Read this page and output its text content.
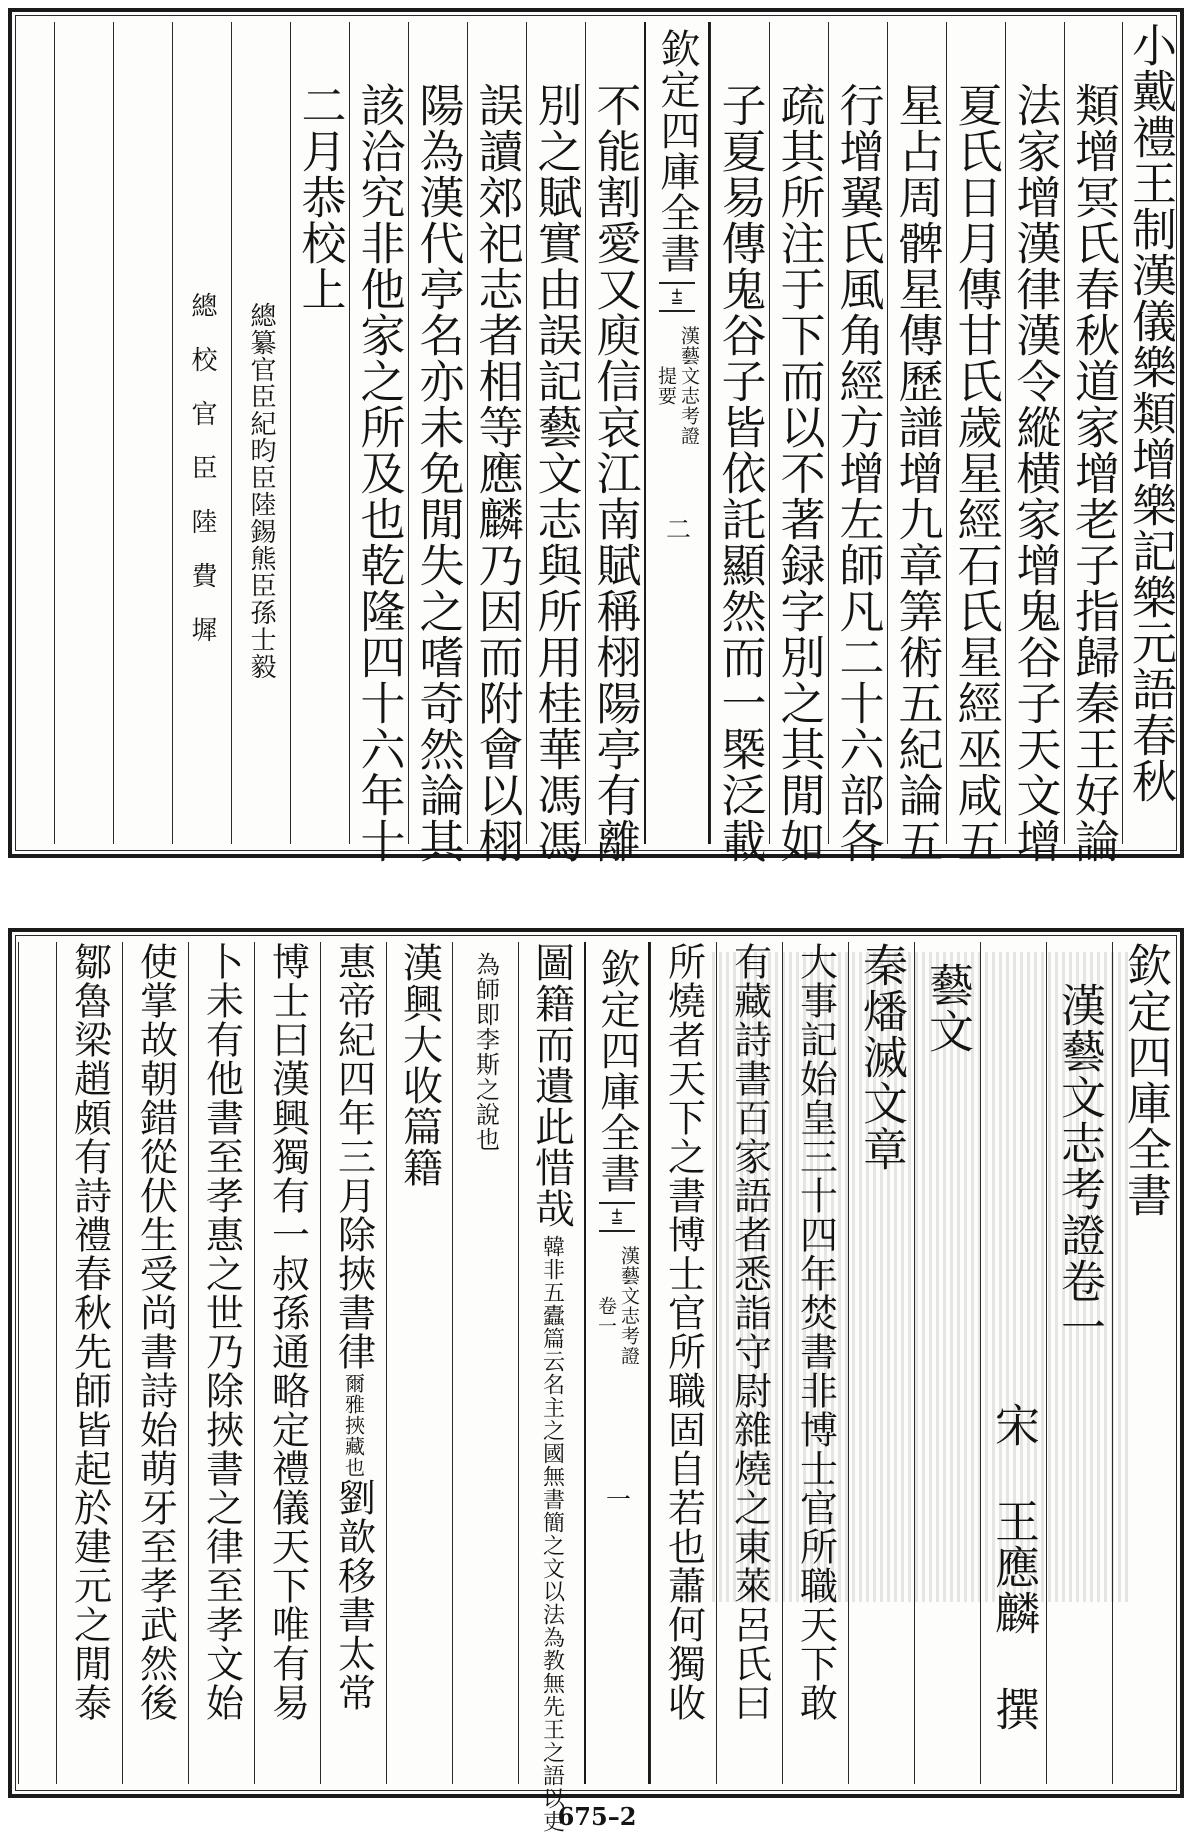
小戴禮王制漢儀樂類增樂記樂元語春秋
類增冥氏春秋道家增老子指歸秦王好論
法家增漢律漢令縱横家增鬼谷子天文增
夏氏日月傳甘氏歲星經石氏星經巫咸五
星占周髀星傳歷譜增九章筭術五紀論五
行增翼氏風角經方增左師凡二十六部各
疏其所注于下而以不著録字別之其閒如
子夏易傳鬼谷子皆依託顯然而一槩泛載
欽定四庫全書
⩲
漢藝文志考證
提要
二
不能割愛又庾信哀江南賦稱栩陽亭有離
別之賦實由誤記藝文志與所用桂華馮馮
誤讀郊祀志者相等應麟乃因而附會以栩
陽為漢代亭名亦未免閒失之嗜奇然論其
該洽究非他家之所及也乾隆四十六年十
二月恭校上
總纂官臣紀昀臣陸錫熊臣孫士毅
總　校　官　臣　陸　費　墀
欽定四庫全書
漢藝文志考證卷一
宋
王應麟
撰
藝文
秦燔滅文章
大事記始皇三十四年焚書非博士官所職天下敢
有藏詩書百家語者悉詣守尉雜燒之東萊呂氏曰
所燒者天下之書博士官所職固自若也蕭何獨收
欽定四庫全書
⩲
漢藝文志考證
卷一
一
圖籍而遺此惜哉
韓非五蠹篇云名主之國無書簡之文以法為教無先王之語以吏
為師即李斯之說也
漢興大收篇籍
惠帝紀四年三月除挾書律
爾雅挾藏也
劉歆移書太常
博士曰漢興獨有一叔孫通略定禮儀天下唯有易
卜未有他書至孝惠之世乃除挾書之律至孝文始
使掌故朝錯從伏生受尚書詩始萌牙至孝武然後
鄒魯梁趙頗有詩禮春秋先師皆起於建元之閒泰
675–2
